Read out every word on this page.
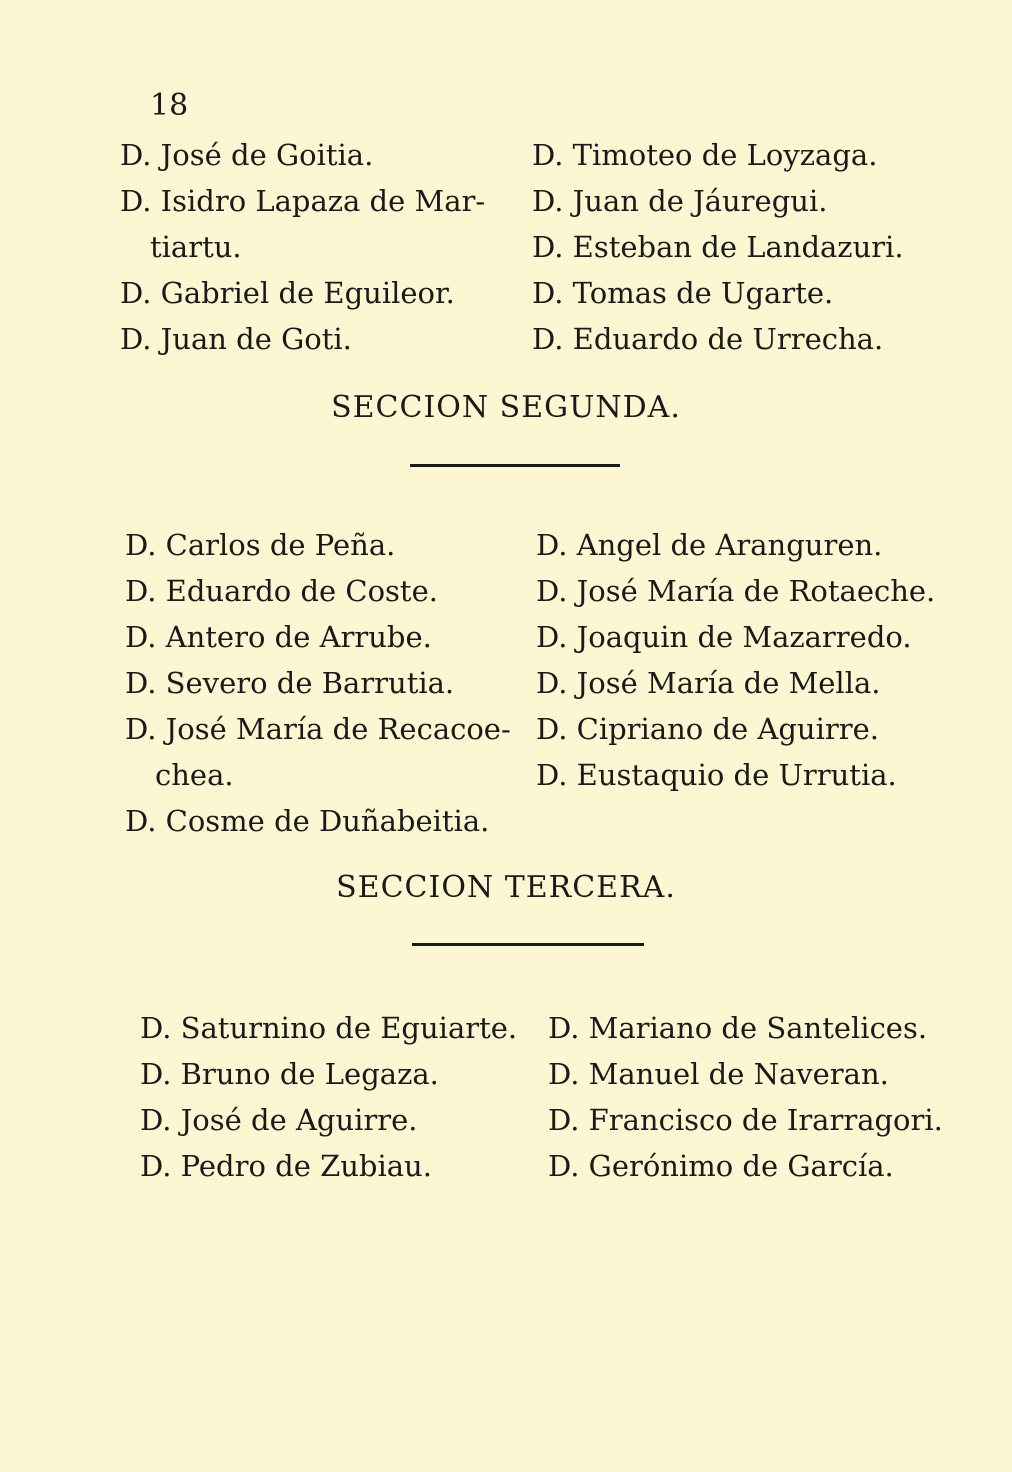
18
D. José de Goitia.
D. Isidro Lapaza de Mar-
tiartu.
D. Gabriel de Eguileor.
D. Juan de Goti.
D. Timoteo de Loyzaga.
D. Juan de Jáuregui.
D. Esteban de Landazuri.
D. Tomas de Ugarte.
D. Eduardo de Urrecha.
SECCION SEGUNDA.
D. Carlos de Peña.
D. Eduardo de Coste.
D. Antero de Arrube.
D. Severo de Barrutia.
D. José María de Recacoe-
chea.
D. Cosme de Duñabeitia.
D. Angel de Aranguren.
D. José María de Rotaeche.
D. Joaquin de Mazarredo.
D. José María de Mella.
D. Cipriano de Aguirre.
D. Eustaquio de Urrutia.
SECCION TERCERA.
D. Saturnino de Eguiarte.
D. Bruno de Legaza.
D. José de Aguirre.
D. Pedro de Zubiau.
D. Mariano de Santelices.
D. Manuel de Naveran.
D. Francisco de Irarragori.
D. Gerónimo de García.
